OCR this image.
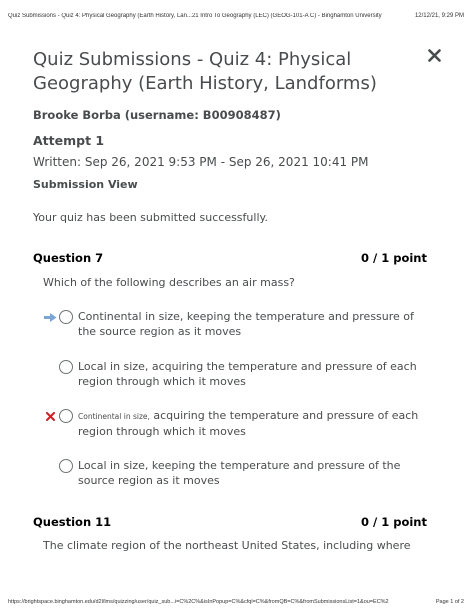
Quiz Submissions - Quiz 4: Physical Geography (Earth History, Lan...21 Intro To Geography (LEC) (GEOG-101-A C) - Binghamton University	12/12/21, 9:29 PM
Quiz Submissions - Quiz 4: Physical Geography (Earth History, Landforms)
Brooke Borba (username: B00908487)
Attempt 1
Written: Sep 26, 2021 9:53 PM - Sep 26, 2021 10:41 PM
Submission View
Your quiz has been submitted successfully.
Question 7	0 / 1 point
Which of the following describes an air mass?
Continental in size, keeping the temperature and pressure of the source region as it moves
Local in size, acquiring the temperature and pressure of each region through which it moves
Continental in size, acquiring the temperature and pressure of each region through which it moves
Local in size, keeping the temperature and pressure of the source region as it moves
Question 11	0 / 1 point
The climate region of the northeast United States, including where
https://brightspace.binghamton.edu/d2l/lms/quizzing/user/quiz_sub...i=C%2C%&isInPopup=C%&cfql=C%&fromQB=C%&fromSubmissionsList=1&ou=EC%2	Page 1 of 2
